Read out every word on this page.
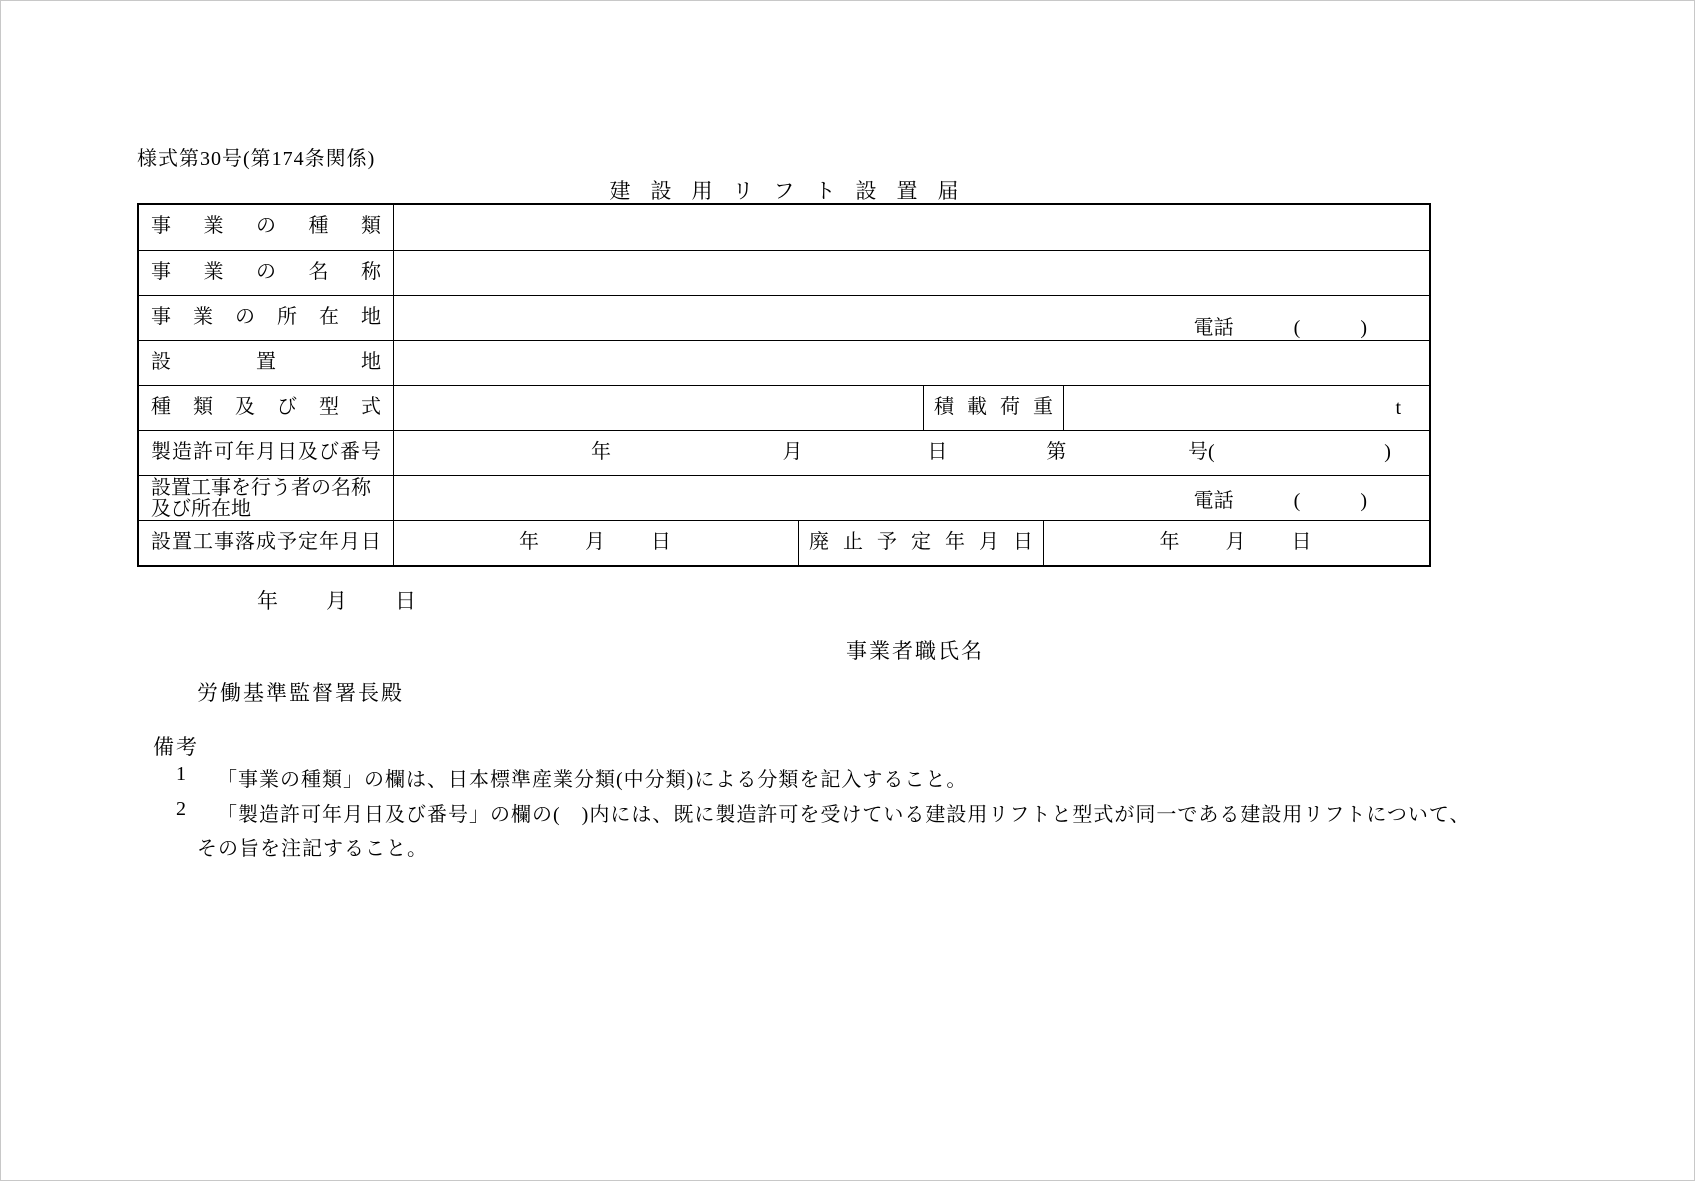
様式第30号(第174条関係)
建設用リフト設置届
事業の種類
事業の名称
事業の所在地	電話　　　(　　　)
設置地
種類及び型式	積載荷重	t
製造許可年月日及び番号	年	月	日	第	号(	)
設置工事を行う者の名称
及び所在地	電話　　　(　　　)
設置工事落成予定年月日	年　　月　　日	廃止予定年月日	年　　月　　日
年　　月　　日
事業者職氏名
労働基準監督署長殿
備考
1	「事業の種類」の欄は、日本標準産業分類(中分類)による分類を記入すること。
2	「製造許可年月日及び番号」の欄の(　)内には、既に製造許可を受けている建設用リフトと型式が同一である建設用リフトについて、
その旨を注記すること。
